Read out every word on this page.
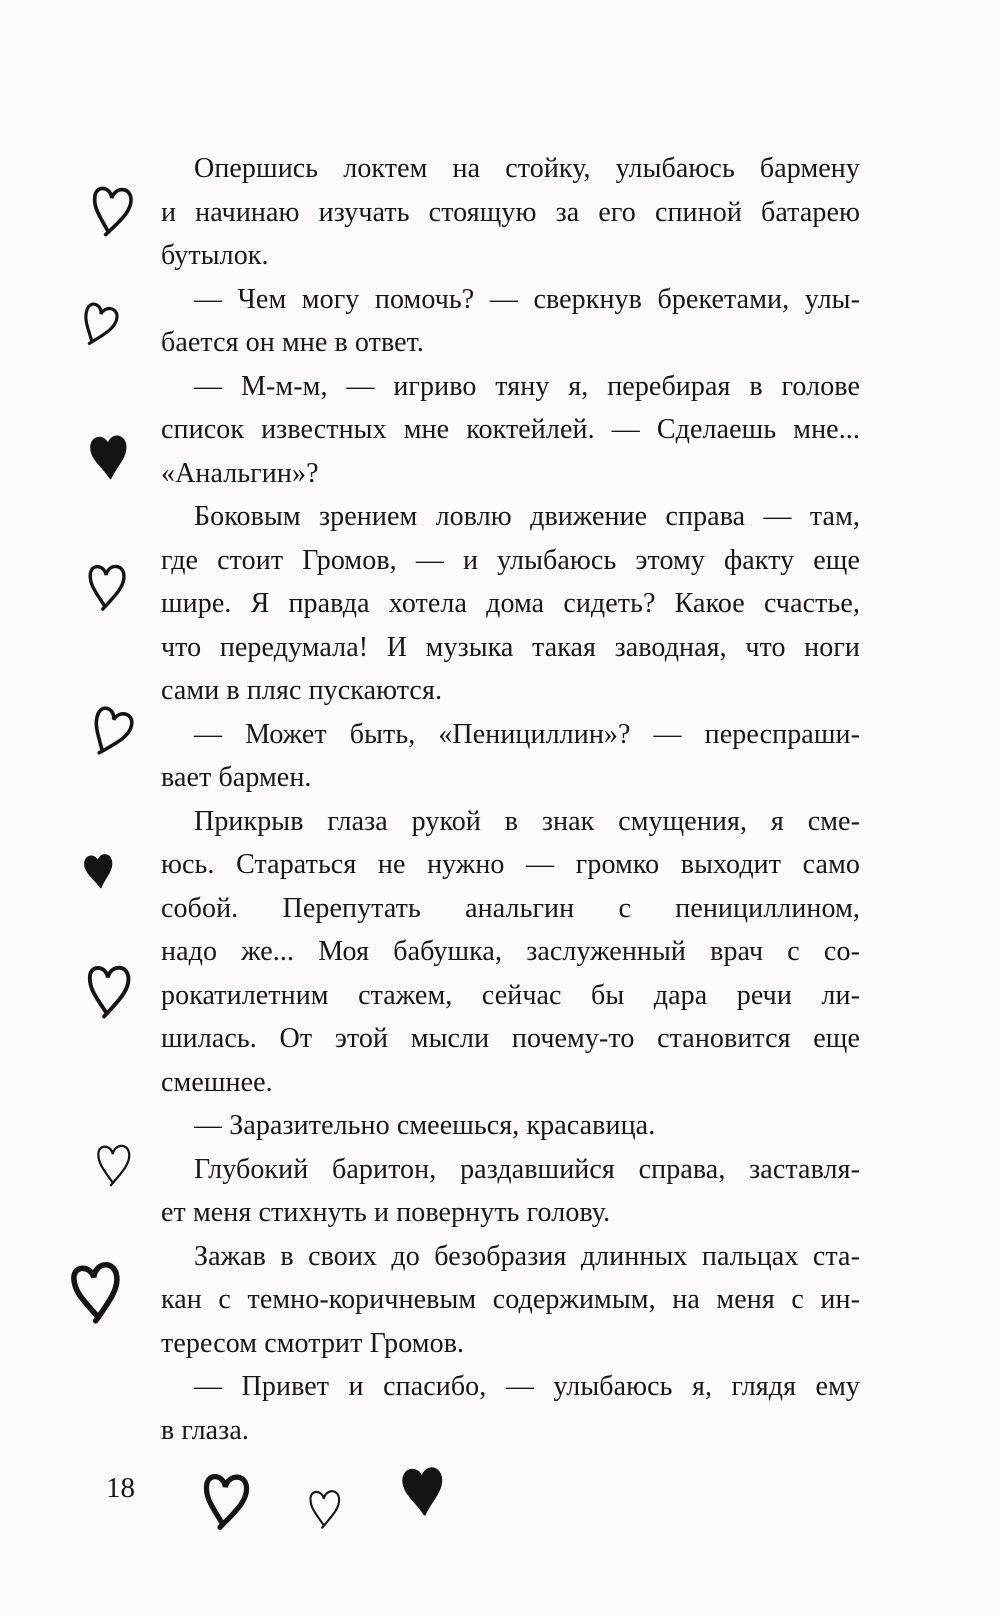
Опершись локтем на стойку, улыбаюсь бармену
и начинаю изучать стоящую за его спиной батарею
бутылок.
— Чем могу помочь? — сверкнув брекетами, улы-
бается он мне в ответ.
— М-м-м, — игриво тяну я, перебирая в голове
список известных мне коктейлей. — Сделаешь мне...
«Анальгин»?
Боковым зрением ловлю движение справа — там,
где стоит Громов, — и улыбаюсь этому факту еще
шире. Я правда хотела дома сидеть? Какое счастье,
что передумала! И музыка такая заводная, что ноги
сами в пляс пускаются.
— Может быть, «Пенициллин»? — переспраши-
вает бармен.
Прикрыв глаза рукой в знак смущения, я сме-
юсь. Стараться не нужно — громко выходит само
собой. Перепутать анальгин с пенициллином,
надо же... Моя бабушка, заслуженный врач с со-
рокатилетним стажем, сейчас бы дара речи ли-
шилась. От этой мысли почему-то становится еще
смешнее.
— Заразительно смеешься, красавица.
Глубокий баритон, раздавшийся справа, заставля-
ет меня стихнуть и повернуть голову.
Зажав в своих до безобразия длинных пальцах ста-
кан с темно-коричневым содержимым, на меня с ин-
тересом смотрит Громов.
— Привет и спасибо, — улыбаюсь я, глядя ему
в глаза.
18
